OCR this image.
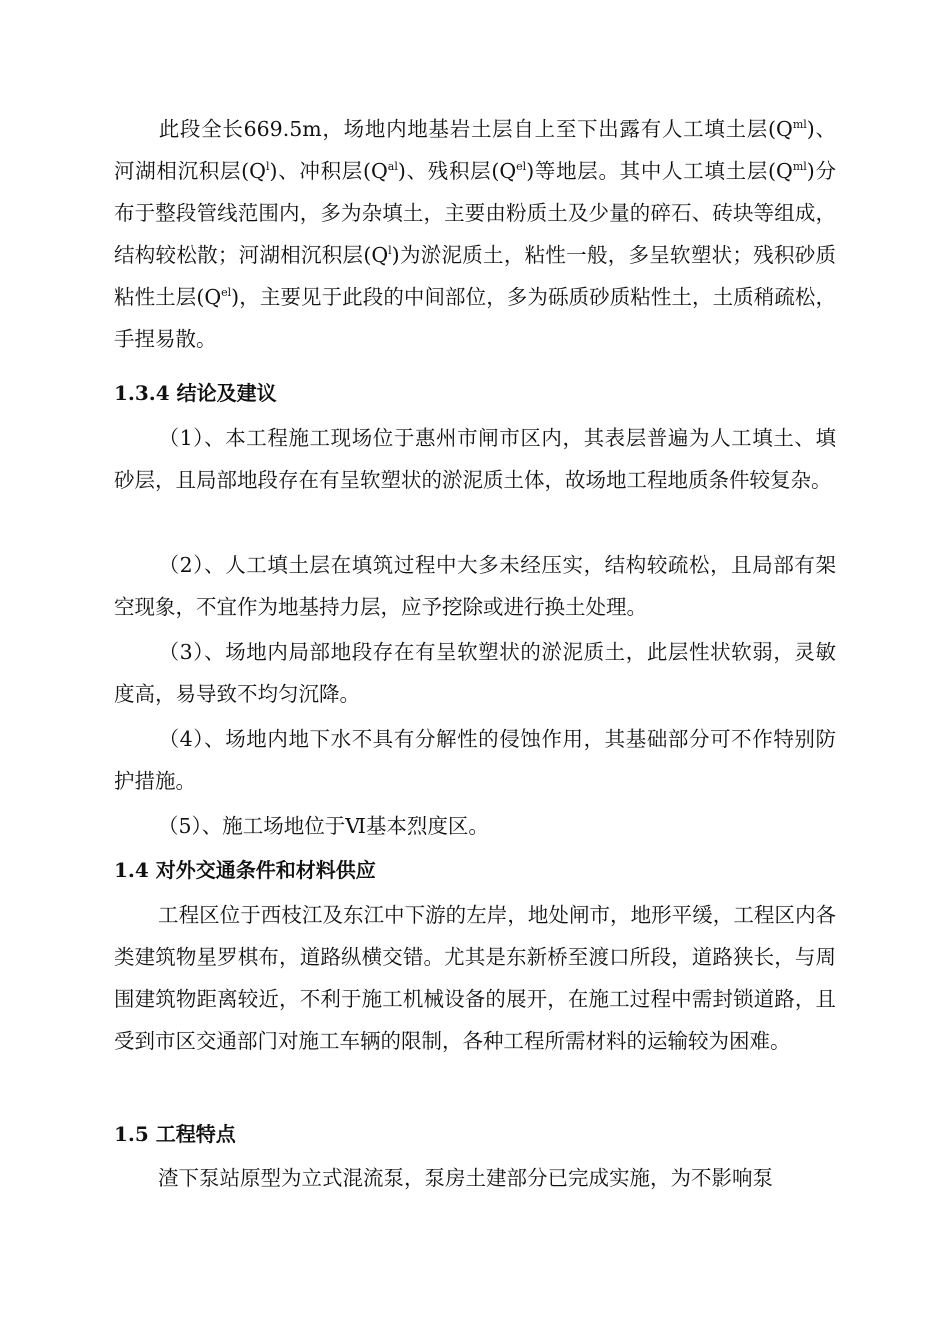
此段全长669.5m，场地内地基岩土层自上至下出露有人工填土层$(Q^{ml})$、河湖相沉积层$(Q^l)$、冲积层$(Q^{al})$、残积层$(Q^{el})$等地层。其中人工填土层$(Q^{ml})$分布于整段管线范围内，多为杂填土，主要由粉质土及少量的碎石、砖块等组成，结构较松散；河湖相沉积层$(Q^l)$为淤泥质土，粘性一般，多呈软塑状；残积砂质粘性土层$(Q^{el})$，主要见于此段的中间部位，多为砾质砂质粘性土，土质稍疏松，手捏易散。

1.3.4 结论及建议

（1）、本工程施工现场位于惠州市闸市区内，其表层普遍为人工填土、填砂层，且局部地段存在有呈软塑状的淤泥质土体，故场地工程地质条件较复杂。

（2）、人工填土层在填筑过程中大多未经压实，结构较疏松，且局部有架空现象，不宜作为地基持力层，应予挖除或进行换土处理。

（3）、场地内局部地段存在有呈软塑状的淤泥质土，此层性状软弱，灵敏度高，易导致不均匀沉降。

（4）、场地内地下水不具有分解性的侵蚀作用，其基础部分可不作特别防护措施。

（5）、施工场地位于Ⅵ基本烈度区。

1.4 对外交通条件和材料供应

工程区位于西枝江及东江中下游的左岸，地处闸市，地形平缓，工程区内各类建筑物星罗棋布，道路纵横交错。尤其是东新桥至渡口所段，道路狭长，与周围建筑物距离较近，不利于施工机械设备的展开，在施工过程中需封锁道路，且受到市区交通部门对施工车辆的限制，各种工程所需材料的运输较为困难。

1.5 工程特点

渣下泵站原型为立式混流泵，泵房土建部分已完成实施，为不影响泵
